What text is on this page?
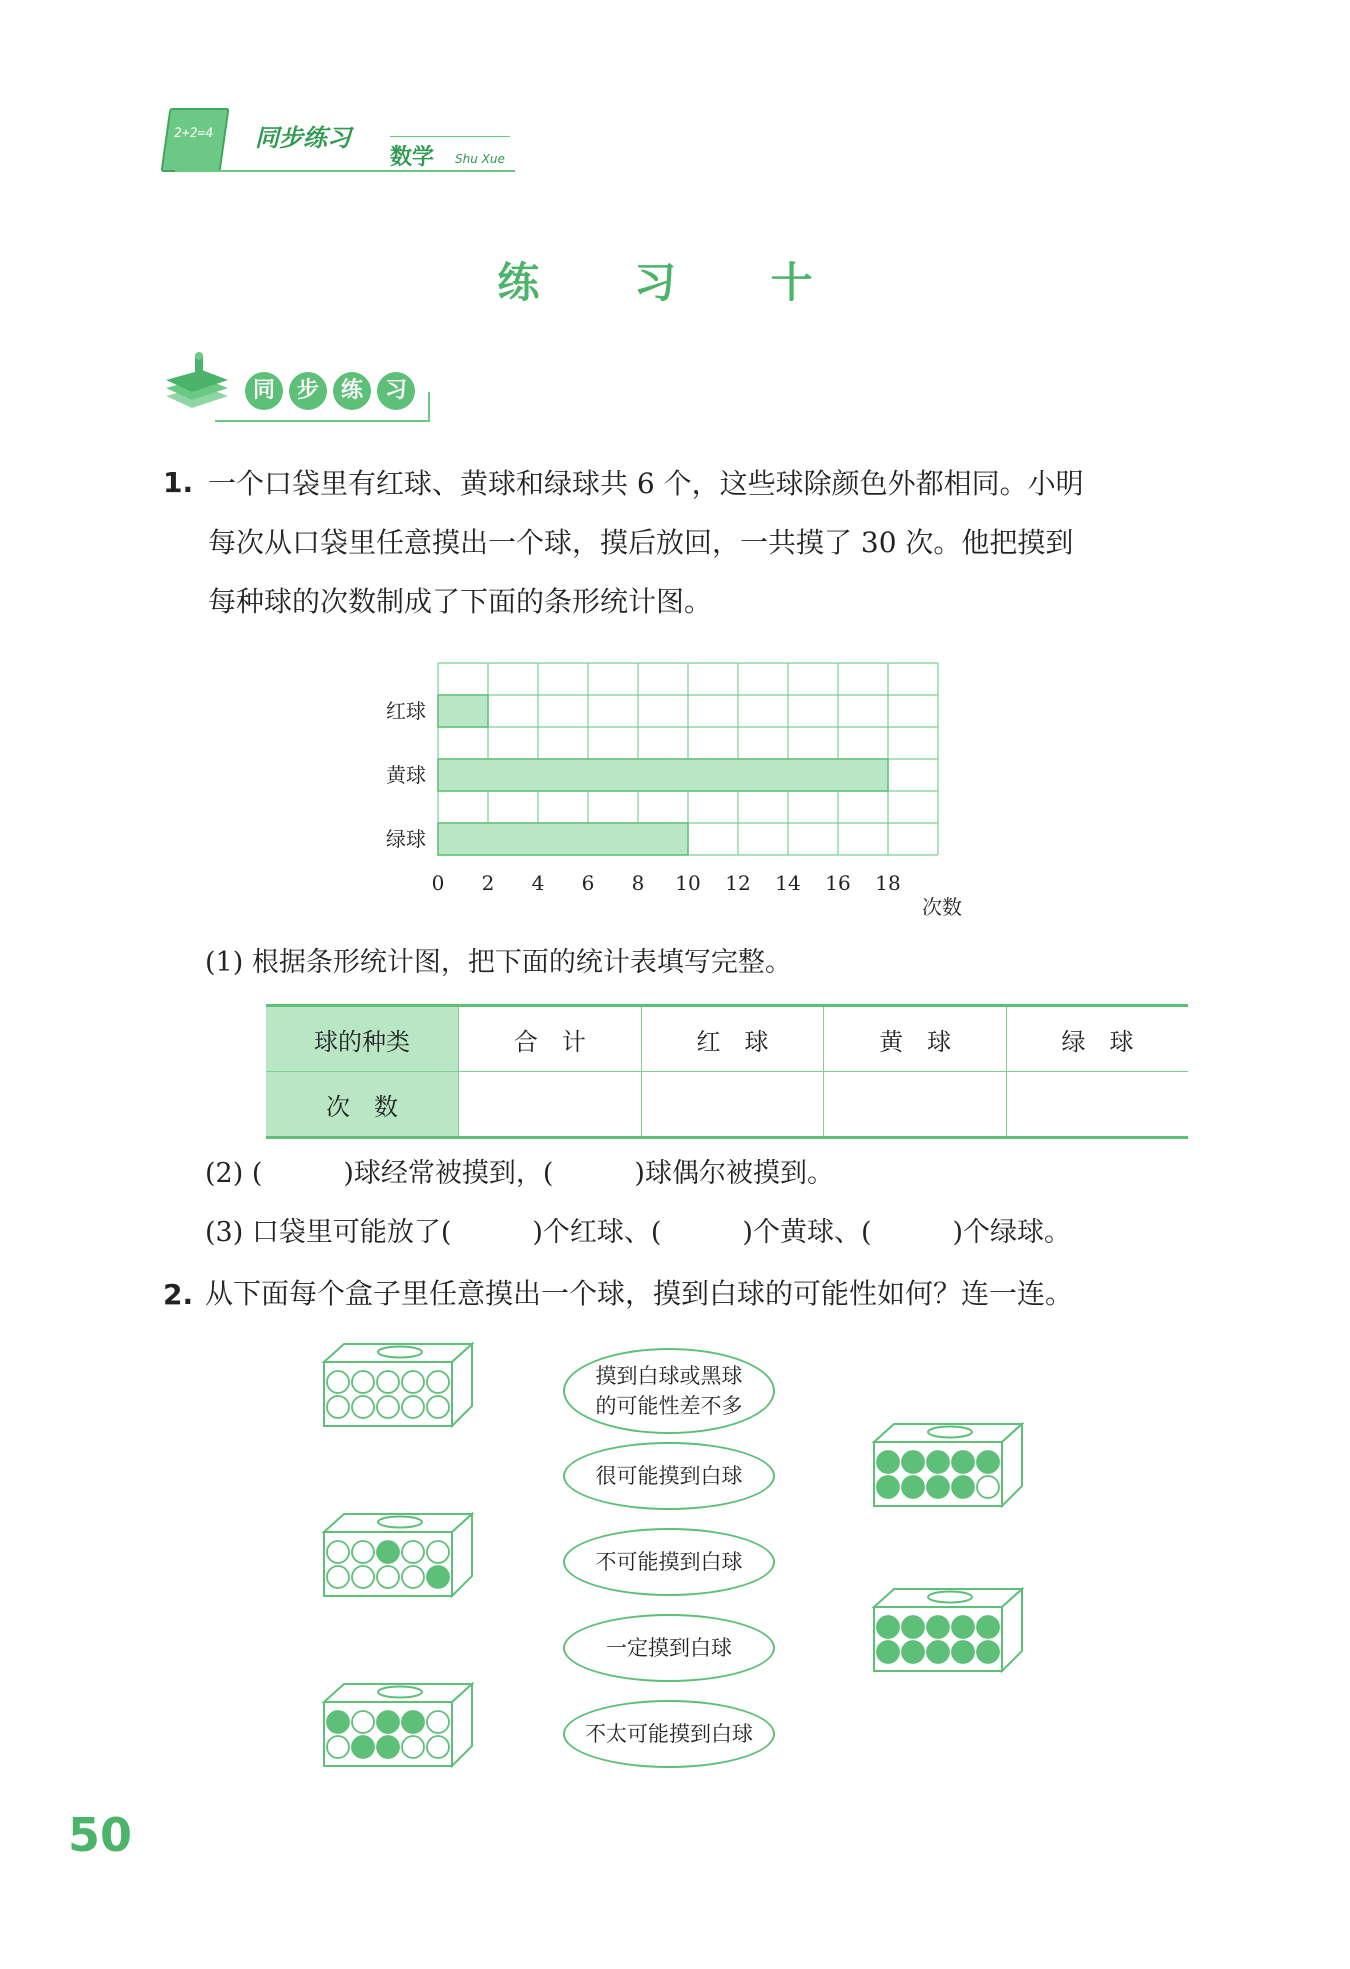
2+2=4 同步练习
数学 Shu Xue
练 习 十
同 步 练 习
1. 一个口袋里有红球、黄球和绿球共 6 个，这些球除颜色外都相同。小明
每次从口袋里任意摸出一个球，摸后放回，一共摸了 30 次。他把摸到
每种球的次数制成了下面的条形统计图。
红球
黄球
绿球
0 2 4 6 8 10 12 14 16 18
次数
(1) 根据条形统计图，把下面的统计表填写完整。
球的种类	合　计	红　球	黄　球	绿　球
次　数				
(2) (　　　)球经常被摸到，(　　　)球偶尔被摸到。
(3) 口袋里可能放了(　　　)个红球、(　　　)个黄球、(　　　)个绿球。
2. 从下面每个盒子里任意摸出一个球，摸到白球的可能性如何？连一连。
摸到白球或黑球
的可能性差不多
很可能摸到白球
不可能摸到白球
一定摸到白球
不太可能摸到白球
50
